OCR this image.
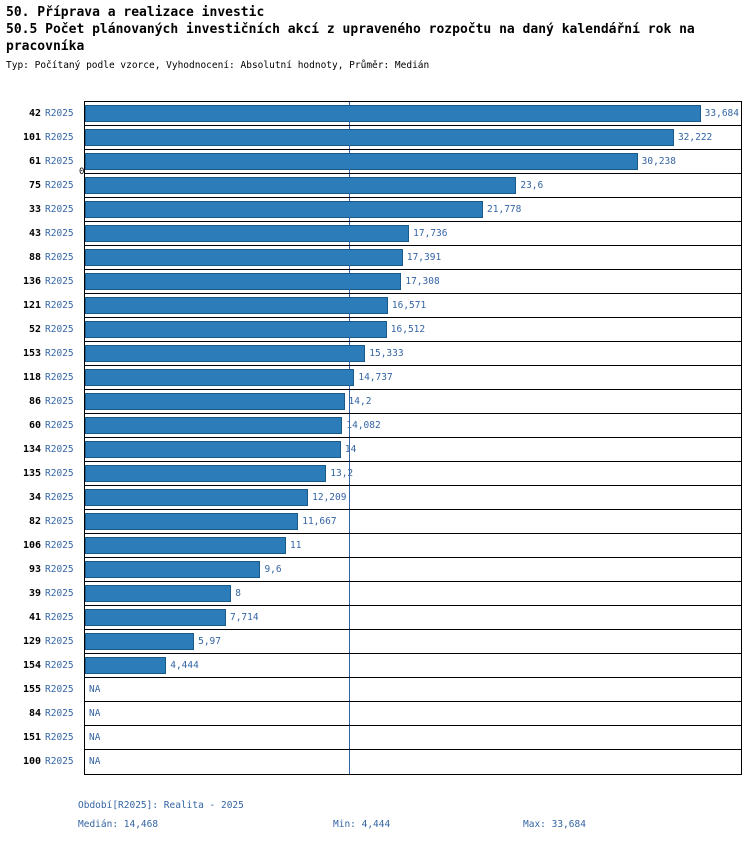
50. Příprava a realizace investic
50.5 Počet plánovaných investičních akcí z upraveného rozpočtu na daný kalendářní rok na pracovníka
Typ: Počítaný podle vzorce, Vyhodnocení: Absolutní hodnoty, Průměr: Medián
0
42 R2025	33,684
101 R2025	32,222
61 R2025	30,238
75 R2025	23,6
33 R2025	21,778
43 R2025	17,736
88 R2025	17,391
136 R2025	17,308
121 R2025	16,571
52 R2025	16,512
153 R2025	15,333
118 R2025	14,737
86 R2025	14,2
60 R2025	14,082
134 R2025	14
135 R2025	13,2
34 R2025	12,209
82 R2025	11,667
106 R2025	11
93 R2025	9,6
39 R2025	8
41 R2025	7,714
129 R2025	5,97
154 R2025	4,444
155 R2025	NA
84 R2025	NA
151 R2025	NA
100 R2025	NA
Období[R2025]: Realita - 2025
Medián: 14,468	Min: 4,444	Max: 33,684
